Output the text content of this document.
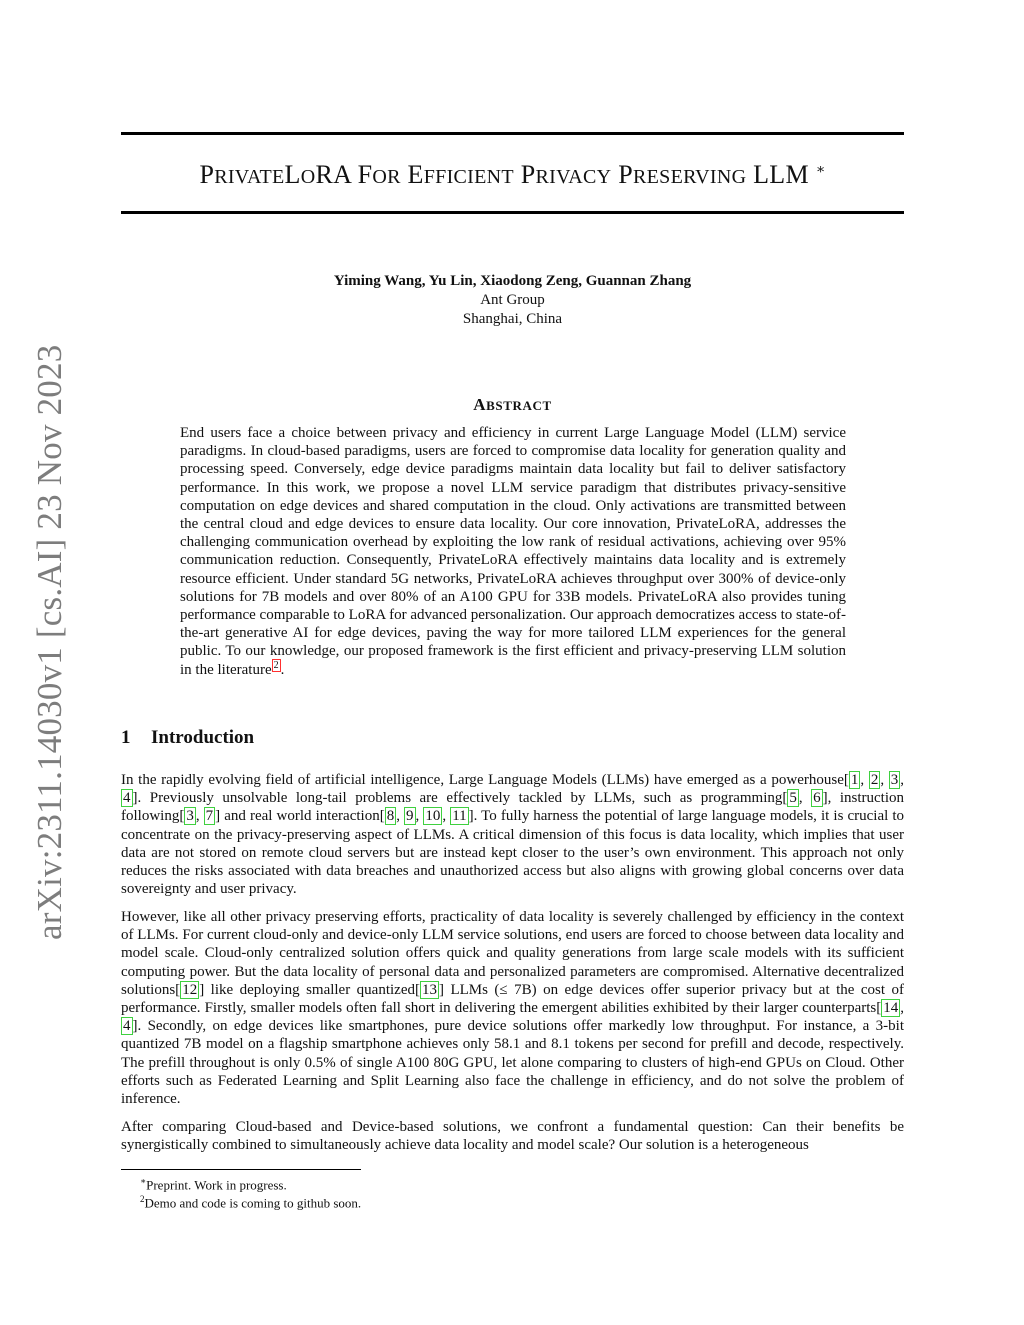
arXiv:2311.14030v1 [cs.AI] 23 Nov 2023
PRIVATELORA FOR EFFICIENT PRIVACY PRESERVING LLM ∗
Yiming Wang, Yu Lin, Xiaodong Zeng, Guannan Zhang
Ant Group
Shanghai, China
ABSTRACT
End users face a choice between privacy and efficiency in current Large Language Model (LLM) service paradigms. In cloud-based paradigms, users are forced to compromise data locality for generation quality and processing speed. Conversely, edge device paradigms maintain data locality but fail to deliver satisfactory performance. In this work, we propose a novel LLM service paradigm that distributes privacy-sensitive computation on edge devices and shared computation in the cloud. Only activations are transmitted between the central cloud and edge devices to ensure data locality. Our core innovation, PrivateLoRA, addresses the challenging communication overhead by exploiting the low rank of residual activations, achieving over 95% communication reduction. Consequently, PrivateLoRA effectively maintains data locality and is extremely resource efficient. Under standard 5G networks, PrivateLoRA achieves throughput over 300% of device-only solutions for 7B models and over 80% of an A100 GPU for 33B models. PrivateLoRA also provides tuning performance comparable to LoRA for advanced personalization. Our approach democratizes access to state-of-the-art generative AI for edge devices, paving the way for more tailored LLM experiences for the general public. To our knowledge, our proposed framework is the first efficient and privacy-preserving LLM solution in the literature $^2$ .
1 Introduction
In the rapidly evolving field of artificial intelligence, Large Language Models (LLMs) have emerged as a powerhouse[ 1 , 2 , 3 , 4 ]. Previously unsolvable long-tail problems are effectively tackled by LLMs, such as programming[ 5 , 6 ], instruction following[ 3 , 7 ] and real world interaction[ 8 , 9 , 10 , 11 ]. To fully harness the potential of large language models, it is crucial to concentrate on the privacy-preserving aspect of LLMs. A critical dimension of this focus is data locality, which implies that user data are not stored on remote cloud servers but are instead kept closer to the user’s own environment. This approach not only reduces the risks associated with data breaches and unauthorized access but also aligns with growing global concerns over data sovereignty and user privacy.
However, like all other privacy preserving efforts, practicality of data locality is severely challenged by efficiency in the context of LLMs. For current cloud-only and device-only LLM service solutions, end users are forced to choose between data locality and model scale. Cloud-only centralized solution offers quick and quality generations from large scale models with its sufficient computing power. But the data locality of personal data and personalized parameters are compromised. Alternative decentralized solutions[ 12 ] like deploying smaller quantized[ 13 ] LLMs (≤ 7B) on edge devices offer superior privacy but at the cost of performance. Firstly, smaller models often fall short in delivering the emergent abilities exhibited by their larger counterparts[ 14 , 4 ]. Secondly, on edge devices like smartphones, pure device solutions offer markedly low throughput. For instance, a 3-bit quantized 7B model on a flagship smartphone achieves only 58.1 and 8.1 tokens per second for prefill and decode, respectively. The prefill throughout is only 0.5% of single A100 80G GPU, let alone comparing to clusters of high-end GPUs on Cloud. Other efforts such as Federated Learning and Split Learning also face the challenge in efficiency, and do not solve the problem of inference.
After comparing Cloud-based and Device-based solutions, we confront a fundamental question: Can their benefits be synergistically combined to simultaneously achieve data locality and model scale? Our solution is a heterogeneous
∗Preprint. Work in progress.
$^2$Demo and code is coming to github soon.
